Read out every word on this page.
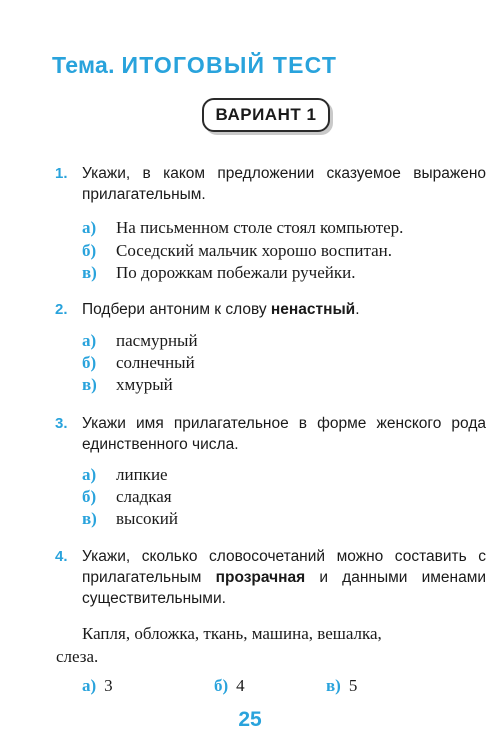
Тема. ИТОГОВЫЙ ТЕСТ
ВАРИАНТ 1
1. Укажи, в каком предложении сказуемое выражено прилагательным.
а) На письменном столе стоял компьютер.
б) Соседский мальчик хорошо воспитан.
в) По дорожкам побежали ручейки.
2. Подбери антоним к слову ненастный.
а) пасмурный
б) солнечный
в) хмурый
3. Укажи имя прилагательное в форме женского рода единственного числа.
а) липкие
б) сладкая
в) высокий
4. Укажи, сколько словосочетаний можно составить с прилагательным прозрачная и данными именами существительными.
Капля, обложка, ткань, машина, вешалка,
слеза.
а) 3	б) 4	в) 5
25
